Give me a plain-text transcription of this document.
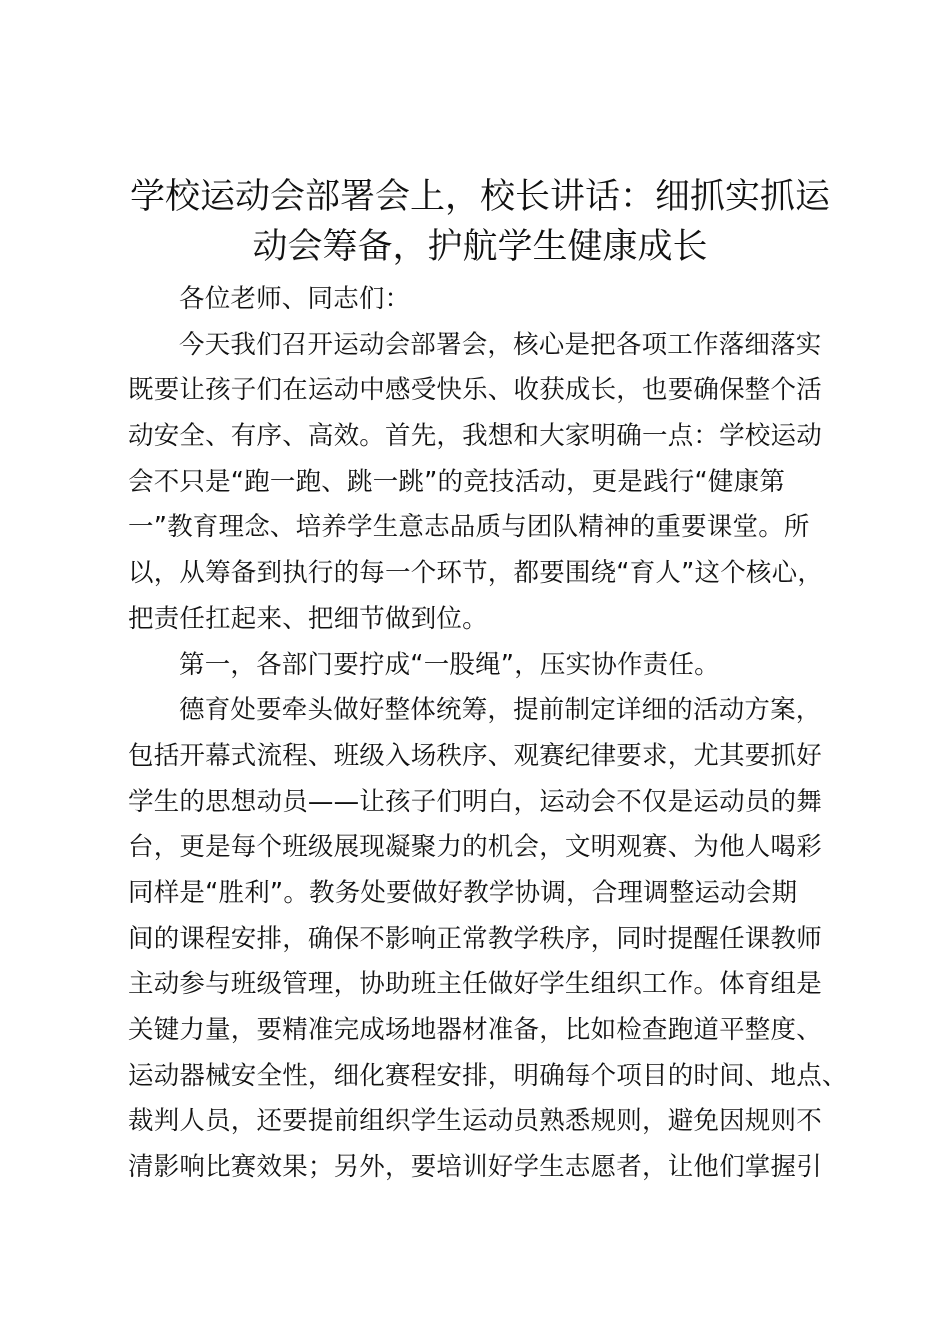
学校运动会部署会上，校长讲话：细抓实抓运
动会筹备，护航学生健康成长
各位老师、同志们：
今天我们召开运动会部署会，核心是把各项工作落细落实
既要让孩子们在运动中感受快乐、收获成长，也要确保整个活
动安全、有序、高效。首先，我想和大家明确一点：学校运动
会不只是“跑一跑、跳一跳”的竞技活动，更是践行“健康第
一”教育理念、培养学生意志品质与团队精神的重要课堂。所
以，从筹备到执行的每一个环节，都要围绕“育人”这个核心，
把责任扛起来、把细节做到位。
第一，各部门要拧成“一股绳”，压实协作责任。
德育处要牵头做好整体统筹，提前制定详细的活动方案，
包括开幕式流程、班级入场秩序、观赛纪律要求，尤其要抓好
学生的思想动员——让孩子们明白，运动会不仅是运动员的舞
台，更是每个班级展现凝聚力的机会，文明观赛、为他人喝彩
同样是“胜利”。教务处要做好教学协调，合理调整运动会期
间的课程安排，确保不影响正常教学秩序，同时提醒任课教师
主动参与班级管理，协助班主任做好学生组织工作。体育组是
关键力量，要精准完成场地器材准备，比如检查跑道平整度、
运动器械安全性，细化赛程安排，明确每个项目的时间、地点、
裁判人员，还要提前组织学生运动员熟悉规则，避免因规则不
清影响比赛效果；另外，要培训好学生志愿者，让他们掌握引
